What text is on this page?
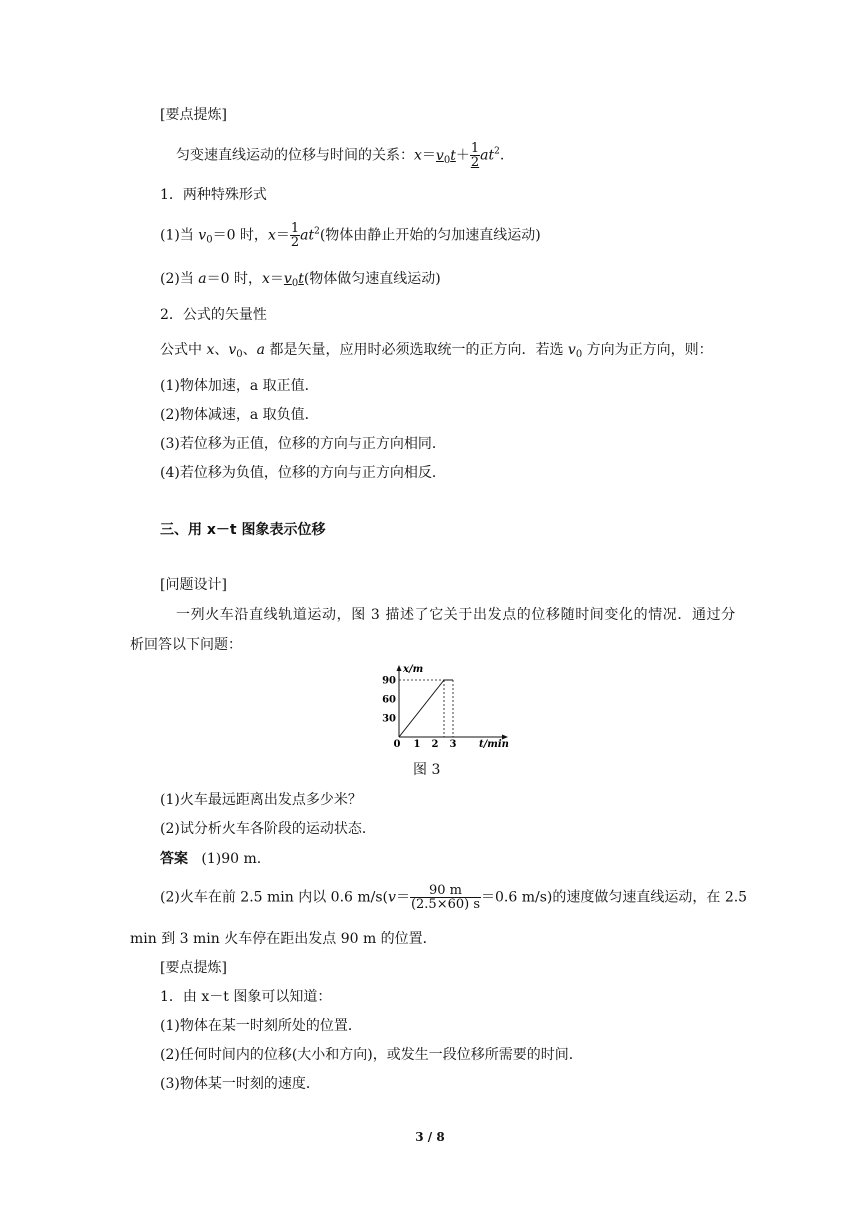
[要点提炼]
匀变速直线运动的位移与时间的关系：$x=v_0t+ \frac{1}{2} at^2$.
1．两种特殊形式
(1)当 $v_0=0$ 时，$x= \frac{1}{2} at^2$(物体由静止开始的匀加速直线运动)
(2)当 a＝0 时，$x=v_0t$(物体做匀速直线运动)
2．公式的矢量性
公式中 x、$v_0$、a 都是矢量，应用时必须选取统一的正方向．若选 $v_0$ 方向为正方向，则：
(1)物体加速，a 取正值．
(2)物体减速，a 取负值．
(3)若位移为正值，位移的方向与正方向相同．
(4)若位移为负值，位移的方向与正方向相反．
三、用 x－t 图象表示位移
[问题设计]
一列火车沿直线轨道运动，图 3 描述了它关于出发点的位移随时间变化的情况．通过分
析回答以下问题：
x/m
t/min
90
60
30
0 1 2 3
图 3
(1)火车最远距离出发点多少米？
(2)试分析火车各阶段的运动状态．
答案 (1)90 m.
(2)火车在前 2.5 min 内以 0.6 $m/s(v= \frac{90 m}{(2.5\times 60) s} =0.6$ m/s)的速度做匀速直线运动，在 2.5
min 到 3 min 火车停在距出发点 90 m 的位置．
[要点提炼]
1．由 x－t 图象可以知道：
(1)物体在某一时刻所处的位置．
(2)任何时间内的位移(大小和方向)，或发生一段位移所需要的时间．
(3)物体某一时刻的速度．
3 / 8
